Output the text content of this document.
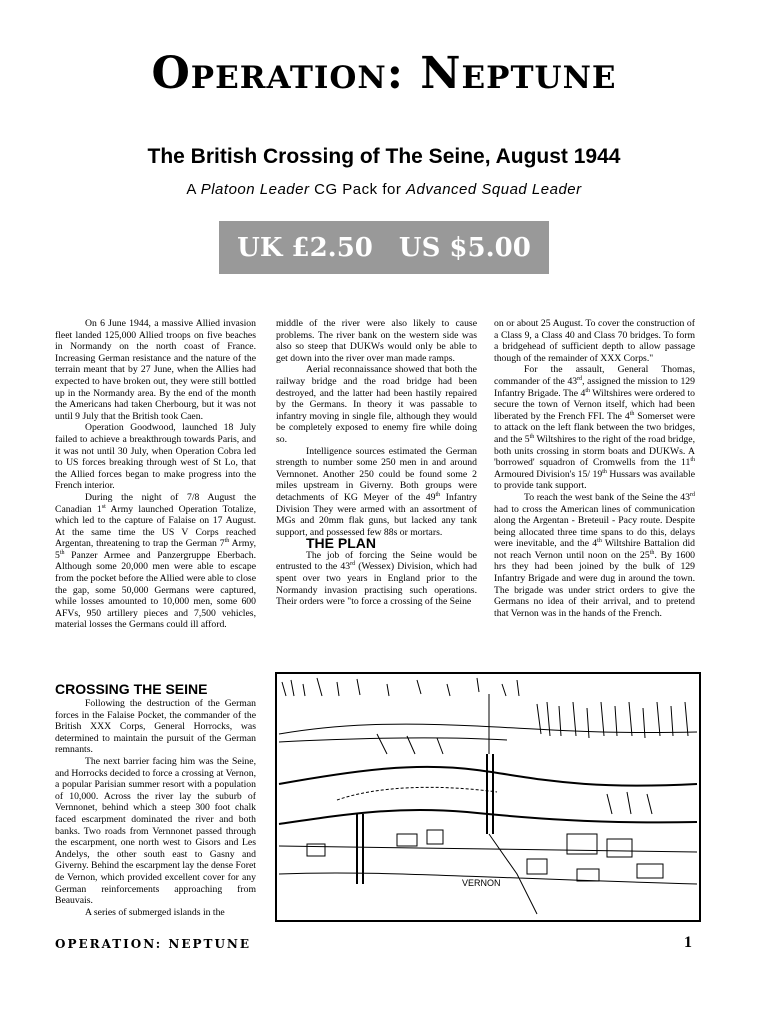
Operation: Neptune
The British Crossing of The Seine, August 1944
A Platoon Leader CG Pack for Advanced Squad Leader
UK £2.50 US $5.00

On 6 June 1944, a massive Allied invasion fleet landed 125,000 Allied troops on five beaches in Normandy on the north coast of France. Increasing German resistance and the nature of the terrain meant that by 27 June, when the Allies had expected to have broken out, they were still bottled up in the Normandy area. By the end of the month the Americans had taken Cherbourg, but it was not until 9 July that the British took Caen.

Operation Goodwood, launched 18 July failed to achieve a breakthrough towards Paris, and it was not until 30 July, when Operation Cobra led to US forces breaking through west of St Lo, that the Allied forces began to make progress into the French interior.

During the night of 7/8 August the Canadian 1st Army launched Operation Totalize, which led to the capture of Falaise on 17 August. At the same time the US V Corps reached Argentan, threatening to trap the German 7th Army, 5th Panzer Armee and Panzergruppe Eberbach. Although some 20,000 men were able to escape from the pocket before the Allied were able to close the gap, some 50,000 Germans were captured, while losses amounted to 10,000 men, some 600 AFVs, 950 artillery pieces and 7,500 vehicles, material losses the Germans could ill afford.

middle of the river were also likely to cause problems. The river bank on the western side was also so steep that DUKWs would only be able to get down into the river over man made ramps.

Aerial reconnaissance showed that both the railway bridge and the road bridge had been destroyed, and the latter had been hastily repaired by the Germans. In theory it was passable to infantry moving in single file, although they would be completely exposed to enemy fire while doing so.

Intelligence sources estimated the German strength to number some 250 men in and around Vernnonet. Another 250 could be found some 2 miles upstream in Giverny. Both groups were detachments of KG Meyer of the 49th Infantry Division They were armed with an assortment of MGs and 20mm flak guns, but lacked any tank support, and possessed few 88s or mortars.

THE PLAN

The job of forcing the Seine would be entrusted to the 43rd (Wessex) Division, which had spent over two years in England prior to the Normandy invasion practising such operations. Their orders were "to force a crossing of the Seine

on or about 25 August. To cover the construction of a Class 9, a Class 40 and Class 70 bridges. To form a bridgehead of sufficient depth to allow passage though of the remainder of XXX Corps."

For the assault, General Thomas, commander of the 43rd, assigned the mission to 129 Infantry Brigade. The 4th Wiltshires were ordered to secure the town of Vernon itself, which had been liberated by the French FFI. The 4th Somerset were to attack on the left flank between the two bridges, and the 5th Wiltshires to the right of the road bridge, both units crossing in storm boats and DUKWs. A 'borrowed' squadron of Cromwells from the 11th Armoured Division's 15/ 19th Hussars was available to provide tank support.

To reach the west bank of the Seine the 43rd had to cross the American lines of communication along the Argentan - Breteuil - Pacy route. Despite being allocated three time spans to do this, delays were inevitable, and the 4th Wiltshire Battalion did not reach Vernon until noon on the 25th. By 1600 hrs they had been joined by the bulk of 129 Infantry Brigade and were dug in around the town. The brigade was under strict orders to give the Germans no idea of their arrival, and to pretend that Vernon was in the hands of the French.

CROSSING THE SEINE

Following the destruction of the German forces in the Falaise Pocket, the commander of the British XXX Corps, General Horrocks, was determined to maintain the pursuit of the German remnants.

The next barrier facing him was the Seine, and Horrocks decided to force a crossing at Vernon, a popular Parisian summer resort with a population of 10,000. Across the river lay the suburb of Vernnonet, behind which a steep 300 foot chalk faced escarpment dominated the river and both banks. Two roads from Vernnonet passed through the escarpment, one north west to Gisors and Les Andelys, the other south east to Gasny and Giverny. Behind the escarpment lay the dense Foret de Vernon, which provided excellent cover for any German reinforcements approaching from Beauvais.

A series of submerged islands in the

VERNON
OPERATION: NEPTUNE	1
